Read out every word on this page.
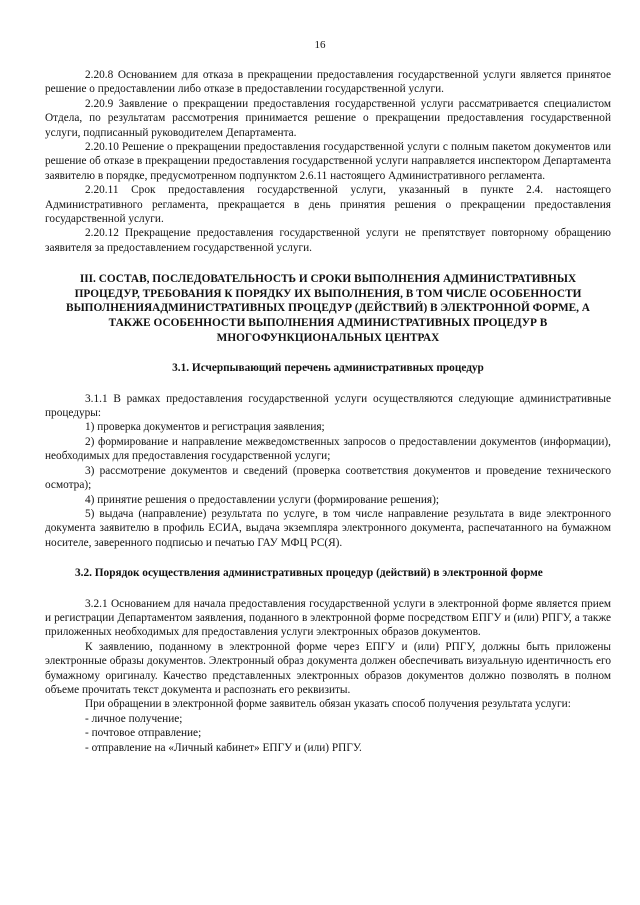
16

2.20.8 Основанием для отказа в прекращении предоставления государственной услуги является принятое решение о предоставлении либо отказе в предоставлении государственной услуги.

2.20.9 Заявление о прекращении предоставления государственной услуги рассматривается специалистом Отдела, по результатам рассмотрения принимается решение о прекращении предоставления государственной услуги, подписанный руководителем Департамента.

2.20.10 Решение о прекращении предоставления государственной услуги с полным пакетом документов или решение об отказе в прекращении предоставления государственной услуги направляется инспектором Департамента заявителю в порядке, предусмотренном подпунктом 2.6.11 настоящего Административного регламента.

2.20.11 Срок предоставления государственной услуги, указанный в пункте 2.4. настоящего Административного регламента, прекращается в день принятия решения о прекращении предоставления государственной услуги.

2.20.12 Прекращение предоставления государственной услуги не препятствует повторному обращению заявителя за предоставлением государственной услуги.

III. СОСТАВ, ПОСЛЕДОВАТЕЛЬНОСТЬ И СРОКИ ВЫПОЛНЕНИЯ АДМИНИСТРАТИВНЫХ ПРОЦЕДУР, ТРЕБОВАНИЯ К ПОРЯДКУ ИХ ВЫПОЛНЕНИЯ, В ТОМ ЧИСЛЕ ОСОБЕННОСТИ ВЫПОЛНЕНИЯАДМИНИСТРАТИВНЫХ ПРОЦЕДУР (ДЕЙСТВИЙ) В ЭЛЕКТРОННОЙ ФОРМЕ, А ТАКЖЕ ОСОБЕННОСТИ ВЫПОЛНЕНИЯ АДМИНИСТРАТИВНЫХ ПРОЦЕДУР В МНОГОФУНКЦИОНАЛЬНЫХ ЦЕНТРАХ
3.1. Исчерпывающий перечень административных процедур

3.1.1 В рамках предоставления государственной услуги осуществляются следующие административные процедуры:

1) проверка документов и регистрация заявления;

2) формирование и направление межведомственных запросов о предоставлении документов (информации), необходимых для предоставления государственной услуги;

3) рассмотрение документов и сведений (проверка соответствия документов и проведение технического осмотра);

4) принятие решения о предоставлении услуги (формирование решения);

5) выдача (направление) результата по услуге, в том числе направление результата в виде электронного документа заявителю в профиль ЕСИА, выдача экземпляра электронного документа, распечатанного на бумажном носителе, заверенного подписью и печатью ГАУ МФЦ РС(Я).

3.2. Порядок осуществления административных процедур (действий) в электронной форме

3.2.1 Основанием для начала предоставления государственной услуги в электронной форме является прием и регистрации Департаментом заявления, поданного в электронной форме посредством ЕПГУ и (или) РПГУ, а также приложенных необходимых для предоставления услуги электронных образов документов.

К заявлению, поданному в электронной форме через ЕПГУ и (или) РПГУ, должны быть приложены электронные образы документов. Электронный образ документа должен обеспечивать визуальную идентичность его бумажному оригиналу. Качество представленных электронных образов документов должно позволять в полном объеме прочитать текст документа и распознать его реквизиты.

При обращении в электронной форме заявитель обязан указать способ получения результата услуги:

- личное получение;

- почтовое отправление;

- отправление на «Личный кабинет» ЕПГУ и (или) РПГУ.
